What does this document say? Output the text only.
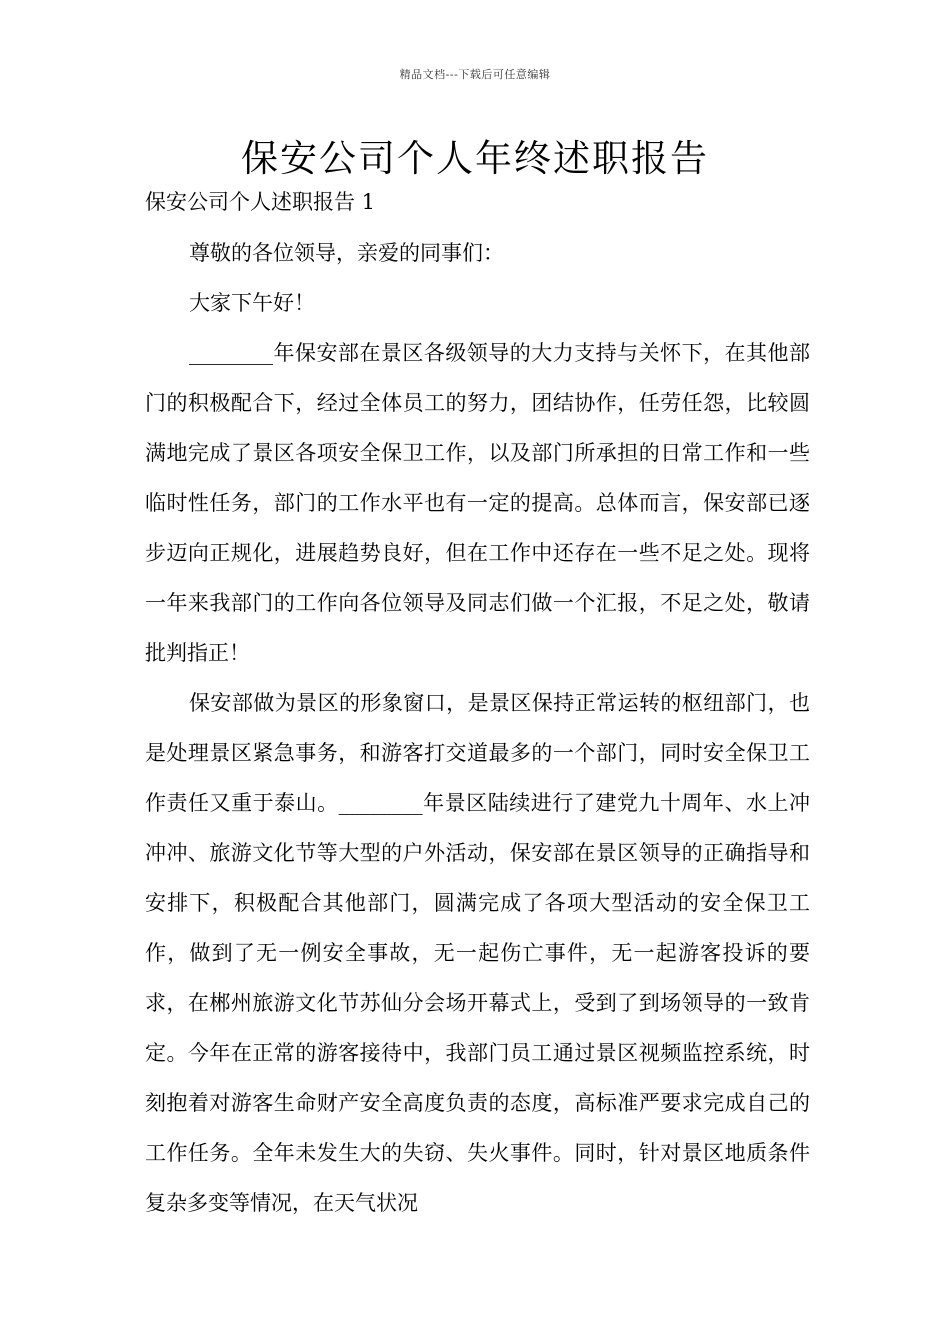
精品文档---下载后可任意编辑
保安公司个人年终述职报告
保安公司个人述职报告 1

尊敬的各位领导，亲爱的同事们：

大家下午好！

________年保安部在景区各级领导的大力支持与关怀下，在其他部门的积极配合下，经过全体员工的努力，团结协作，任劳任怨，比较圆满地完成了景区各项安全保卫工作，以及部门所承担的日常工作和一些临时性任务，部门的工作水平也有一定的提高。总体而言，保安部已逐步迈向正规化，进展趋势良好，但在工作中还存在一些不足之处。现将一年来我部门的工作向各位领导及同志们做一个汇报，不足之处，敬请批判指正！

保安部做为景区的形象窗口，是景区保持正常运转的枢纽部门，也是处理景区紧急事务，和游客打交道最多的一个部门，同时安全保卫工作责任又重于泰山。________年景区陆续进行了建党九十周年、水上冲冲冲、旅游文化节等大型的户外活动，保安部在景区领导的正确指导和安排下，积极配合其他部门，圆满完成了各项大型活动的安全保卫工作，做到了无一例安全事故，无一起伤亡事件，无一起游客投诉的要求，在郴州旅游文化节苏仙分会场开幕式上，受到了到场领导的一致肯定。今年在正常的游客接待中，我部门员工通过景区视频监控系统，时刻抱着对游客生命财产安全高度负责的态度，高标准严要求完成自己的工作任务。全年未发生大的失窃、失火事件。同时，针对景区地质条件复杂多变等情况，在天气状况
